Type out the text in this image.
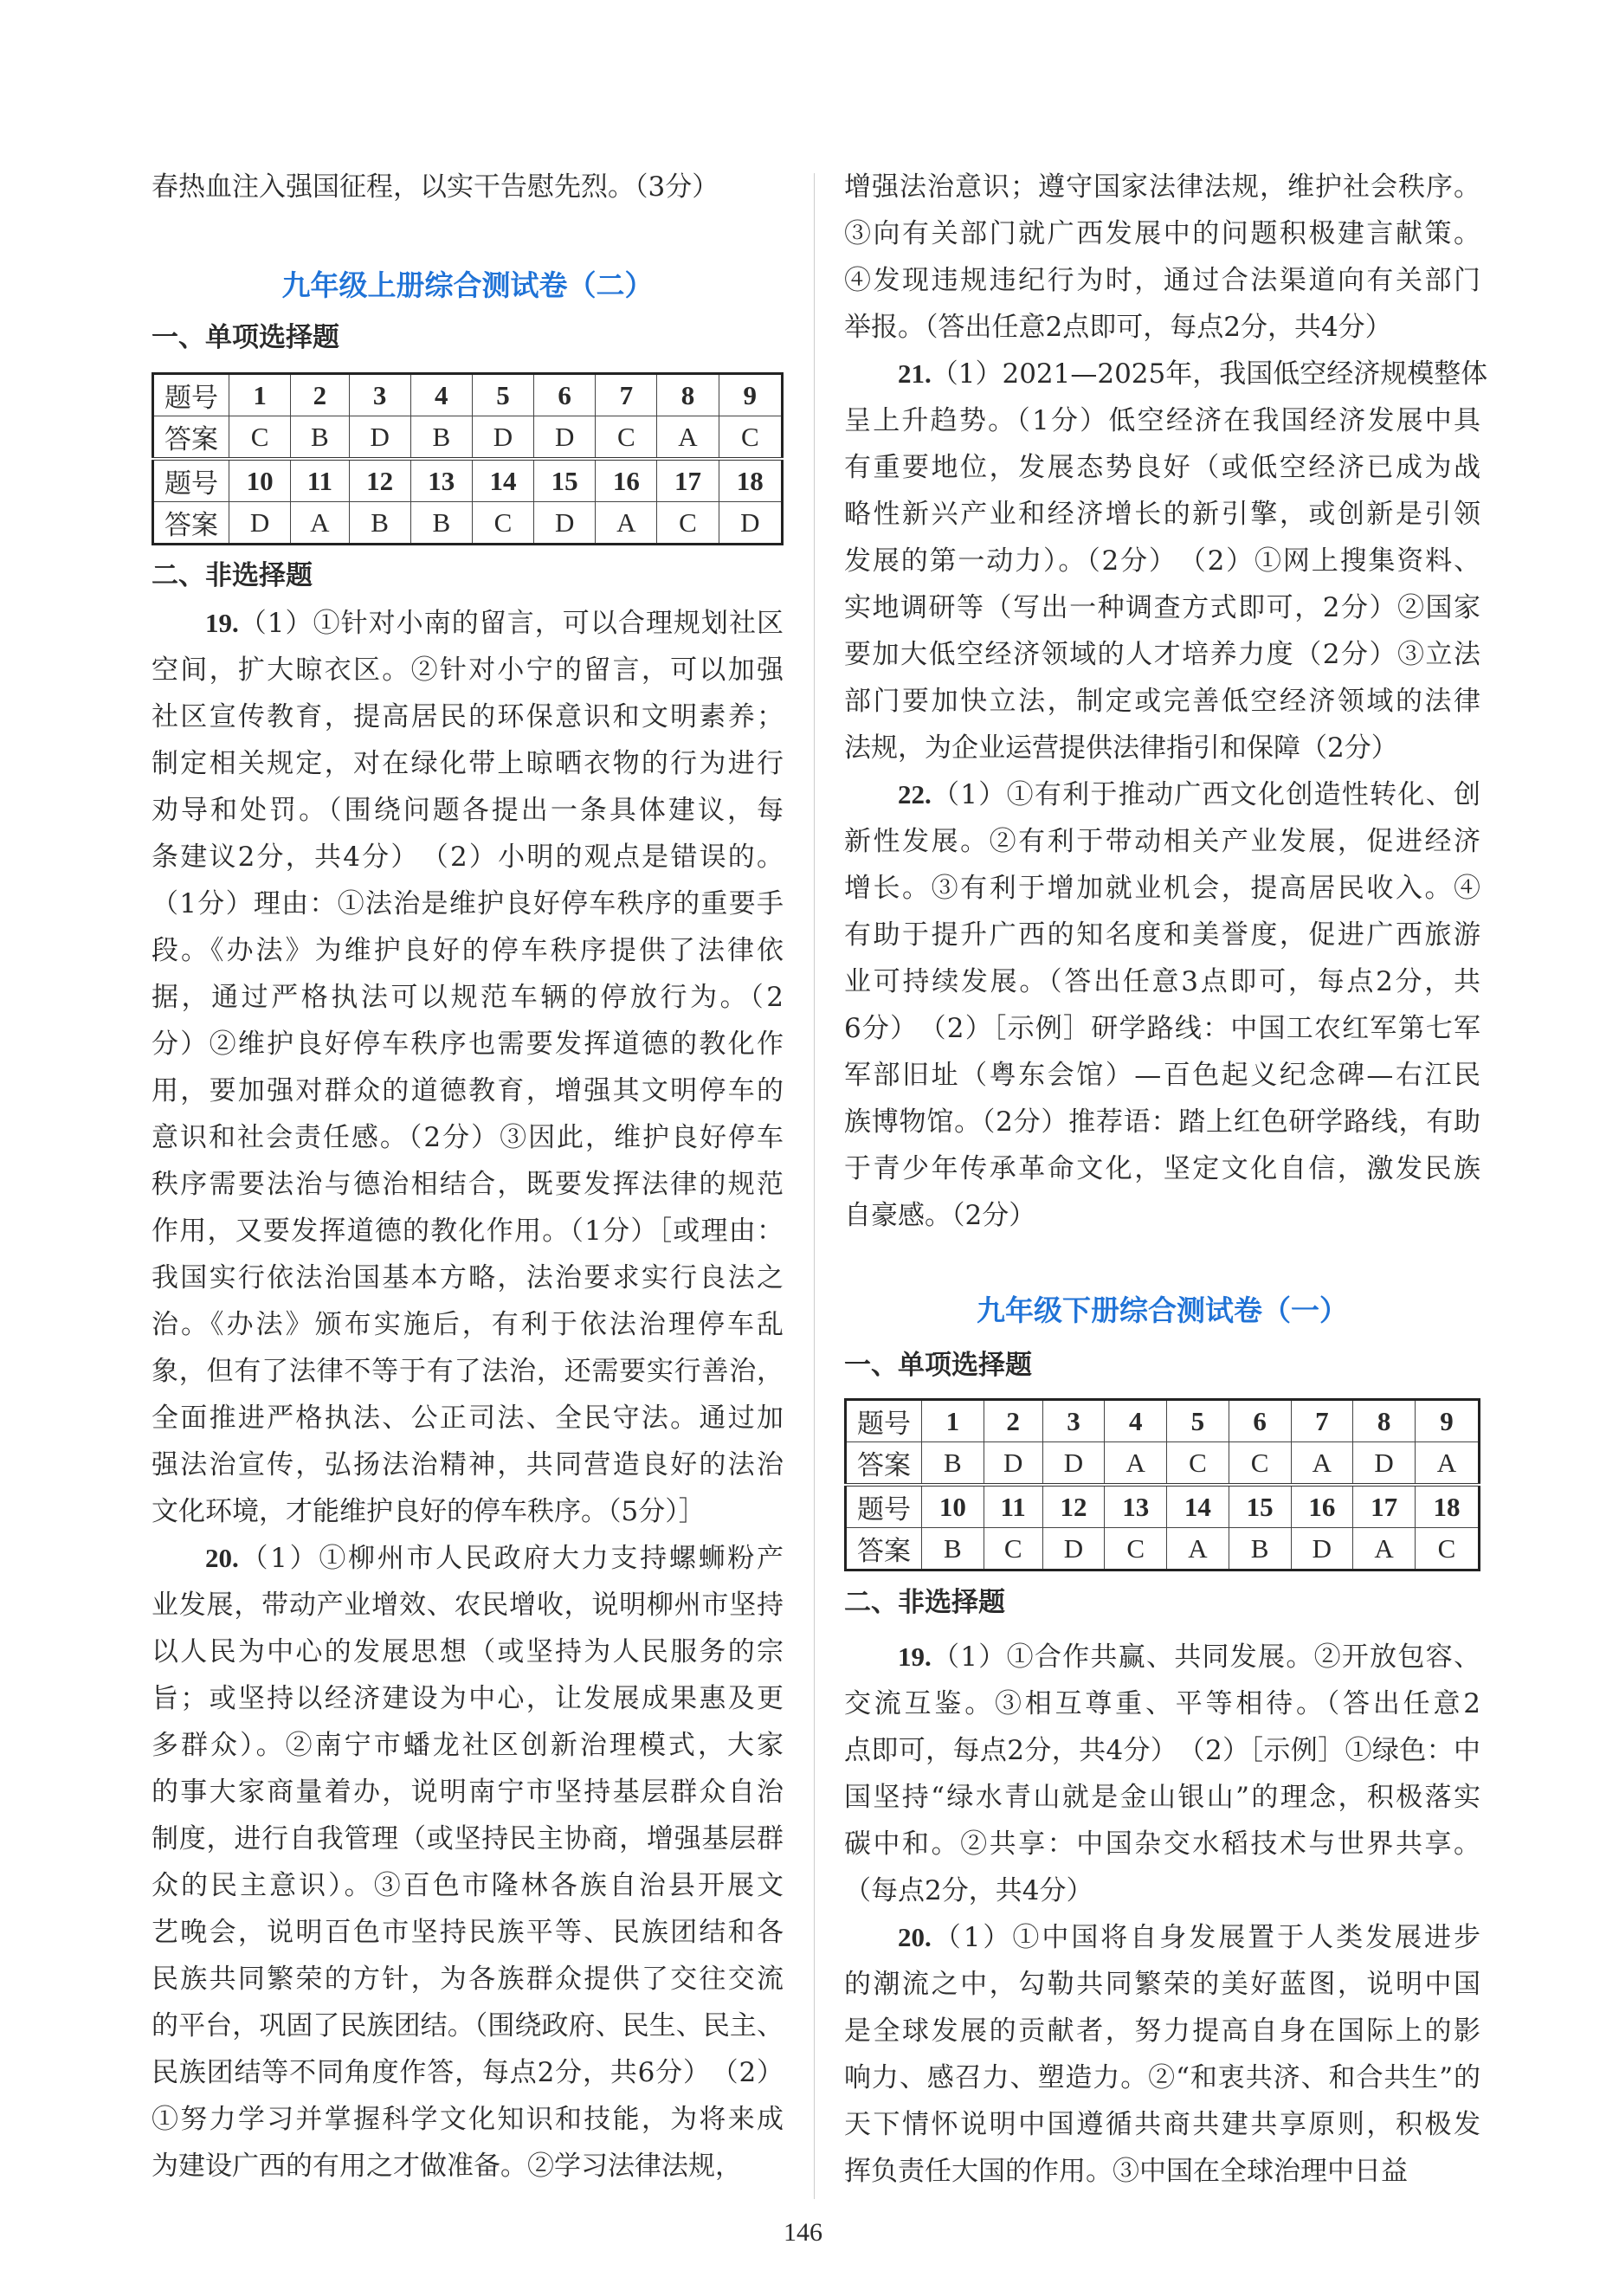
春热血注入强国征程，以实干告慰先烈。（3分）
九年级上册综合测试卷（二）
一、单项选择题
题号	1	2	3	4	5	6	7	8	9
答案	C	B	D	B	D	D	C	A	C
题号	10	11	12	13	14	15	16	17	18
答案	D	A	B	B	C	D	A	C	D
二、非选择题
19.（1）①针对小南的留言，可以合理规划社区
空间，扩大晾衣区。②针对小宁的留言，可以加强
社区宣传教育，提高居民的环保意识和文明素养；
制定相关规定，对在绿化带上晾晒衣物的行为进行
劝导和处罚。（围绕问题各提出一条具体建议，每
条建议2分，共4分）　（2）小明的观点是错误的。
（1分）理由：①法治是维护良好停车秩序的重要手
段。《办法》为维护良好的停车秩序提供了法律依
据，通过严格执法可以规范车辆的停放行为。（2
分）②维护良好停车秩序也需要发挥道德的教化作
用，要加强对群众的道德教育，增强其文明停车的
意识和社会责任感。（2分）③因此，维护良好停车
秩序需要法治与德治相结合，既要发挥法律的规范
作用，又要发挥道德的教化作用。（1分）［或理由：
我国实行依法治国基本方略，法治要求实行良法之
治。《办法》颁布实施后，有利于依法治理停车乱
象，但有了法律不等于有了法治，还需要实行善治，
全面推进严格执法、公正司法、全民守法。通过加
强法治宣传，弘扬法治精神，共同营造良好的法治
文化环境，才能维护良好的停车秩序。（5分）］
20.（1）①柳州市人民政府大力支持螺蛳粉产
业发展，带动产业增效、农民增收，说明柳州市坚持
以人民为中心的发展思想（或坚持为人民服务的宗
旨；或坚持以经济建设为中心，让发展成果惠及更
多群众）。②南宁市蟠龙社区创新治理模式，大家
的事大家商量着办，说明南宁市坚持基层群众自治
制度，进行自我管理（或坚持民主协商，增强基层群
众的民主意识）。③百色市隆林各族自治县开展文
艺晚会，说明百色市坚持民族平等、民族团结和各
民族共同繁荣的方针，为各族群众提供了交往交流
的平台，巩固了民族团结。（围绕政府、民生、民主、
民族团结等不同角度作答，每点2分，共6分）　（2）
①努力学习并掌握科学文化知识和技能，为将来成
为建设广西的有用之才做准备。②学习法律法规，
增强法治意识；遵守国家法律法规，维护社会秩序。
③向有关部门就广西发展中的问题积极建言献策。
④发现违规违纪行为时，通过合法渠道向有关部门
举报。（答出任意2点即可，每点2分，共4分）
21.（1）2021—2025年，我国低空经济规模整体
呈上升趋势。（1分）低空经济在我国经济发展中具
有重要地位，发展态势良好（或低空经济已成为战
略性新兴产业和经济增长的新引擎，或创新是引领
发展的第一动力）。（2分）　（2）①网上搜集资料、
实地调研等（写出一种调查方式即可，2分）②国家
要加大低空经济领域的人才培养力度（2分）③立法
部门要加快立法，制定或完善低空经济领域的法律
法规，为企业运营提供法律指引和保障（2分）
22.（1）①有利于推动广西文化创造性转化、创
新性发展。②有利于带动相关产业发展，促进经济
增长。③有利于增加就业机会，提高居民收入。④
有助于提升广西的知名度和美誉度，促进广西旅游
业可持续发展。（答出任意3点即可，每点2分，共
6分）　（2）［示例］研学路线：中国工农红军第七军
军部旧址（粤东会馆）—百色起义纪念碑—右江民
族博物馆。（2分）推荐语：踏上红色研学路线，有助
于青少年传承革命文化，坚定文化自信，激发民族
自豪感。（2分）
九年级下册综合测试卷（一）
一、单项选择题
题号	1	2	3	4	5	6	7	8	9
答案	B	D	D	A	C	C	A	D	A
题号	10	11	12	13	14	15	16	17	18
答案	B	C	D	C	A	B	D	A	C
二、非选择题
19.（1）①合作共赢、共同发展。②开放包容、
交流互鉴。③相互尊重、平等相待。（答出任意2
点即可，每点2分，共4分）　（2）［示例］①绿色：中
国坚持“绿水青山就是金山银山”的理念，积极落实
碳中和。②共享：中国杂交水稻技术与世界共享。
（每点2分，共4分）
20.（1）①中国将自身发展置于人类发展进步
的潮流之中，勾勒共同繁荣的美好蓝图，说明中国
是全球发展的贡献者，努力提高自身在国际上的影
响力、感召力、塑造力。②“和衷共济、和合共生”的
天下情怀说明中国遵循共商共建共享原则，积极发
挥负责任大国的作用。③中国在全球治理中日益
146
